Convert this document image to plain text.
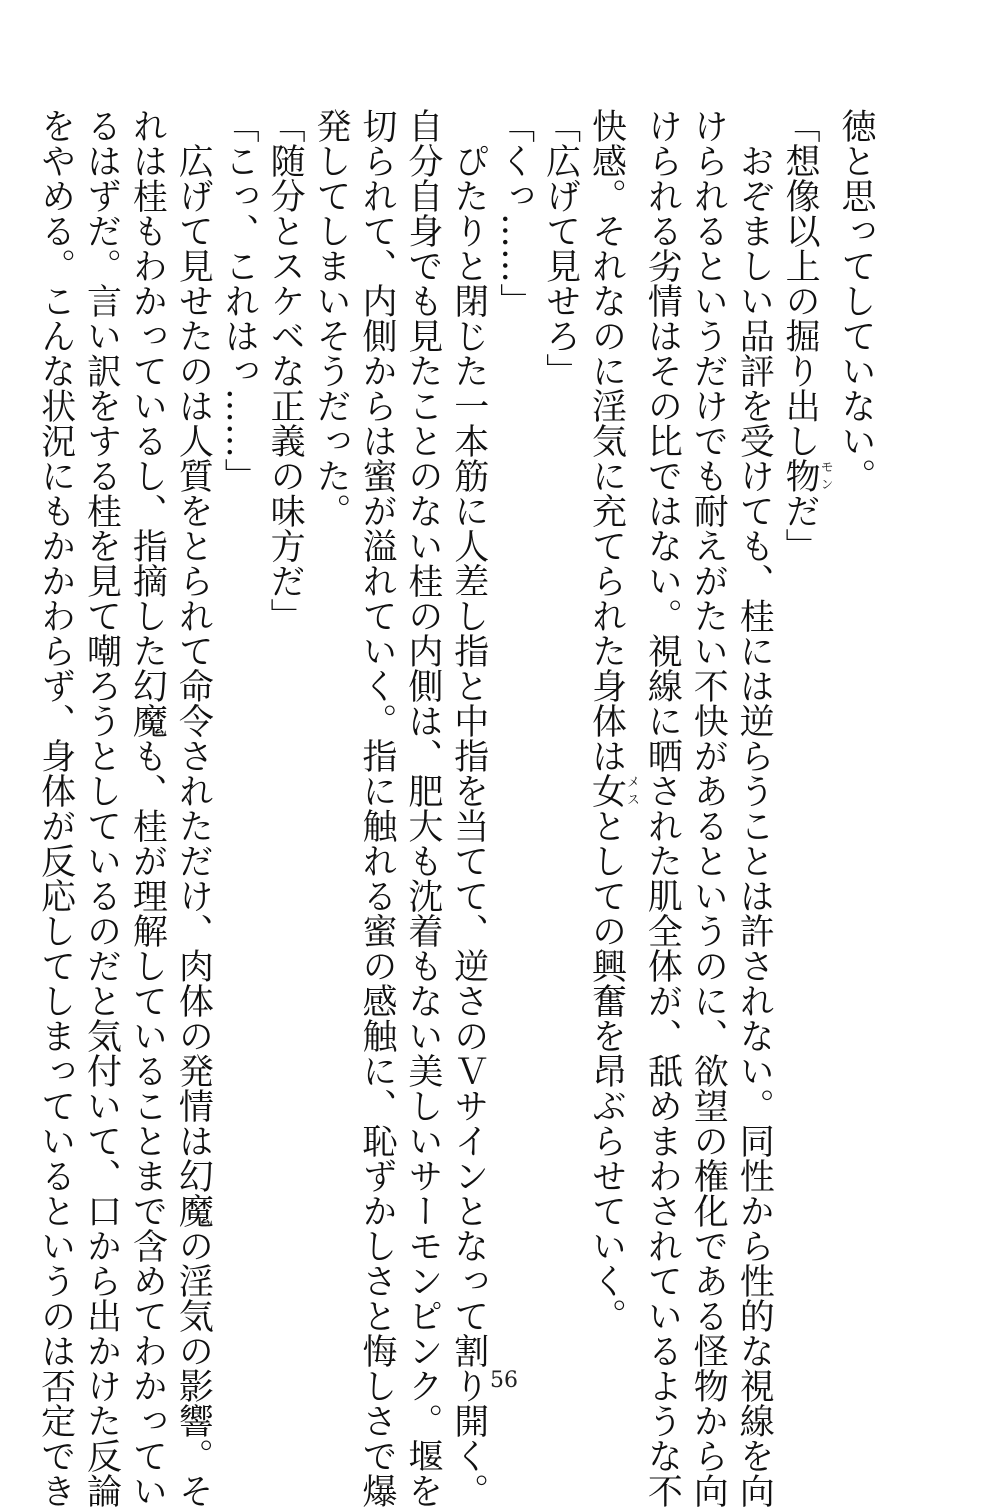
徳と思ってしていない。
「想像以上の掘り出し物モンだ」
　おぞましい品評を受けても、桂には逆らうことは許されない。同性から性的な視線を向
けられるというだけでも耐えがたい不快があるというのに、欲望の権化である怪物から向
けられる劣情はその比ではない。視線に晒された肌全体が、舐めまわされているような不
快感。それなのに淫気に充てられた身体は女メスとしての興奮を昂ぶらせていく。
「広げて見せろ」
「くっ……」
　ぴたりと閉じた一本筋に人差し指と中指を当てて、逆さのＶサインとなって割り開く。
自分自身でも見たことのない桂の内側は、肥大も沈着もない美しいサーモンピンク。堰を
切られて、内側からは蜜が溢れていく。指に触れる蜜の感触に、恥ずかしさと悔しさで爆
発してしまいそうだった。
「随分とスケベな正義の味方だ」
「こっ、これはっ……」
　広げて見せたのは人質をとられて命令されただけ、肉体の発情は幻魔の淫気の影響。そ
れは桂もわかっているし、指摘した幻魔も、桂が理解していることまで含めてわかってい
るはずだ。言い訳をする桂を見て嘲ろうとしているのだと気付いて、口から出かけた反論
をやめる。こんな状況にもかかわらず、身体が反応してしまっているというのは否定でき	56
